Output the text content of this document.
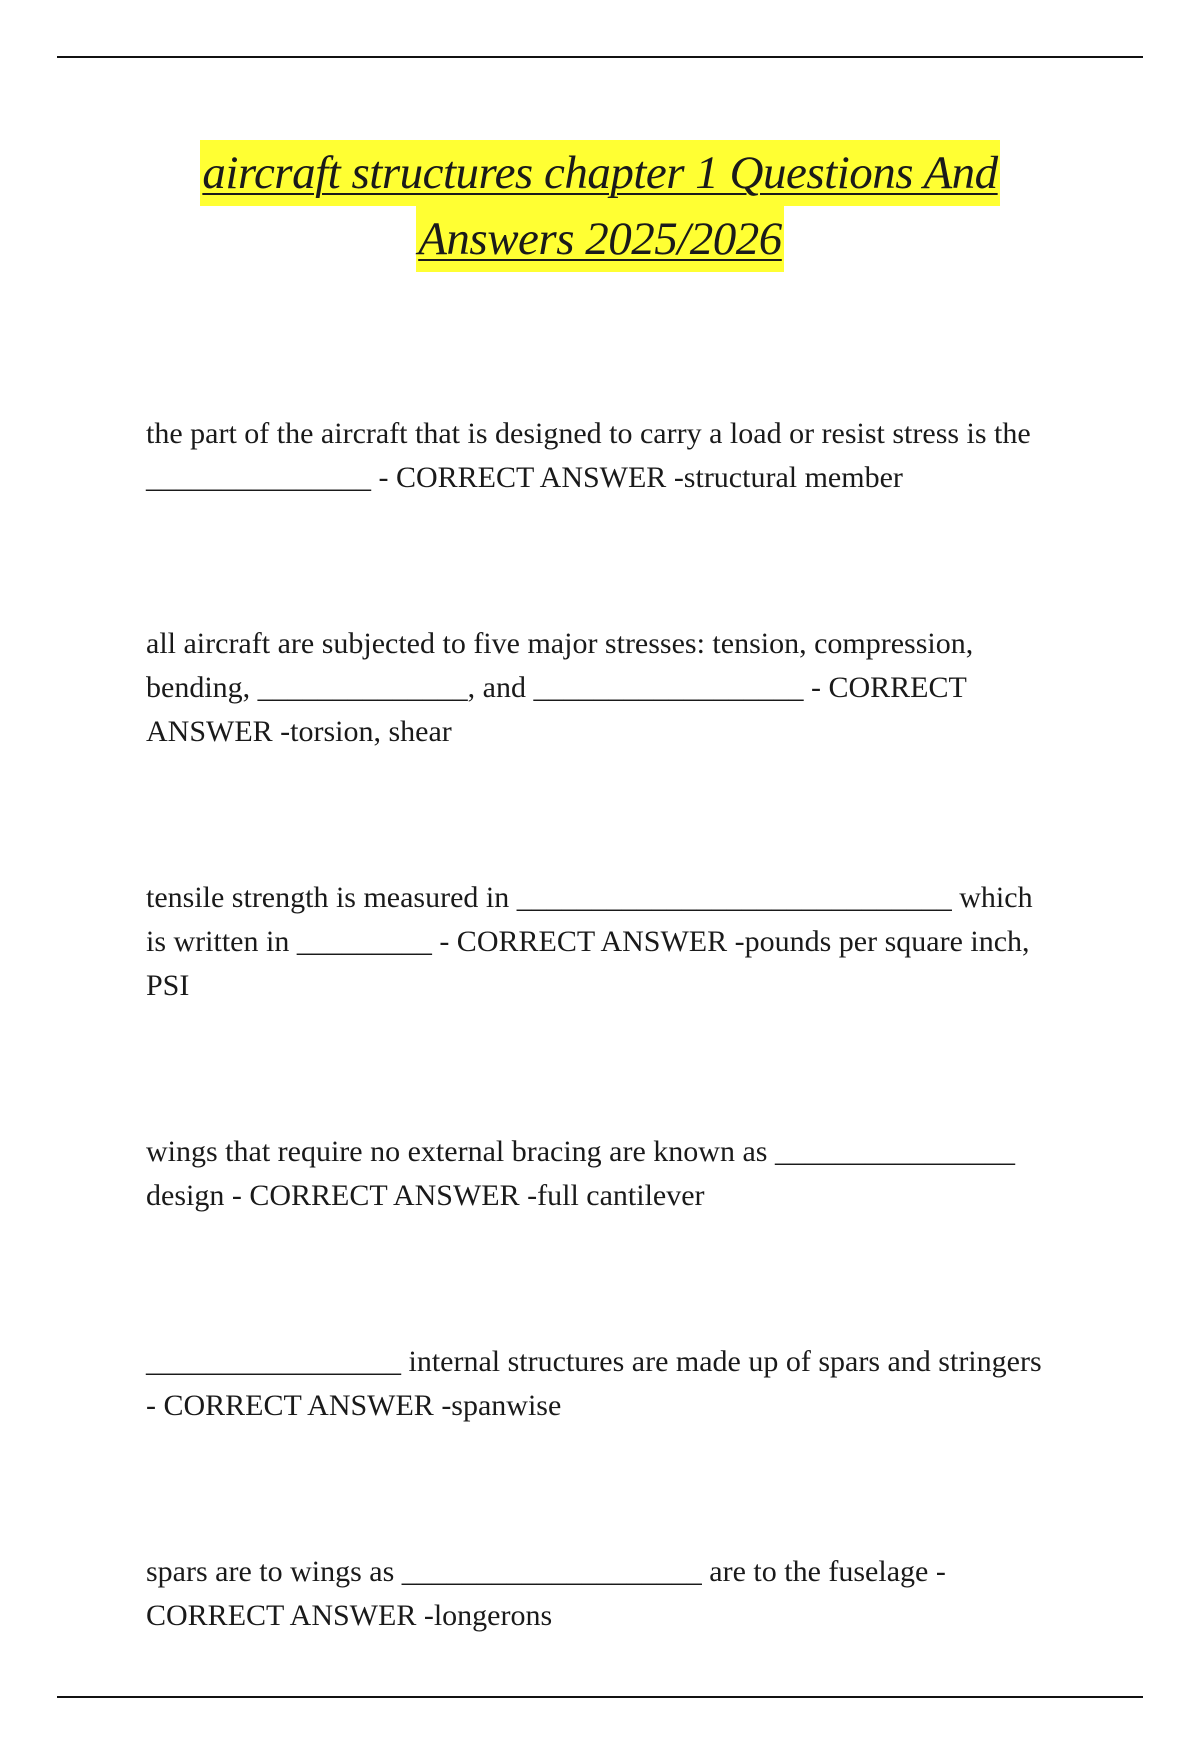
aircraft structures chapter 1 Questions And
Answers 2025/2026

the part of the aircraft that is designed to carry a load or resist stress is the
_______________ - CORRECT ANSWER -structural member

all aircraft are subjected to five major stresses: tension, compression,
bending, ______________, and __________________ - CORRECT
ANSWER -torsion, shear

tensile strength is measured in _____________________________ which
is written in _________ - CORRECT ANSWER -pounds per square inch,
PSI

wings that require no external bracing are known as ________________
design - CORRECT ANSWER -full cantilever

_________________ internal structures are made up of spars and stringers
- CORRECT ANSWER -spanwise

spars are to wings as ____________________ are to the fuselage -
CORRECT ANSWER -longerons
